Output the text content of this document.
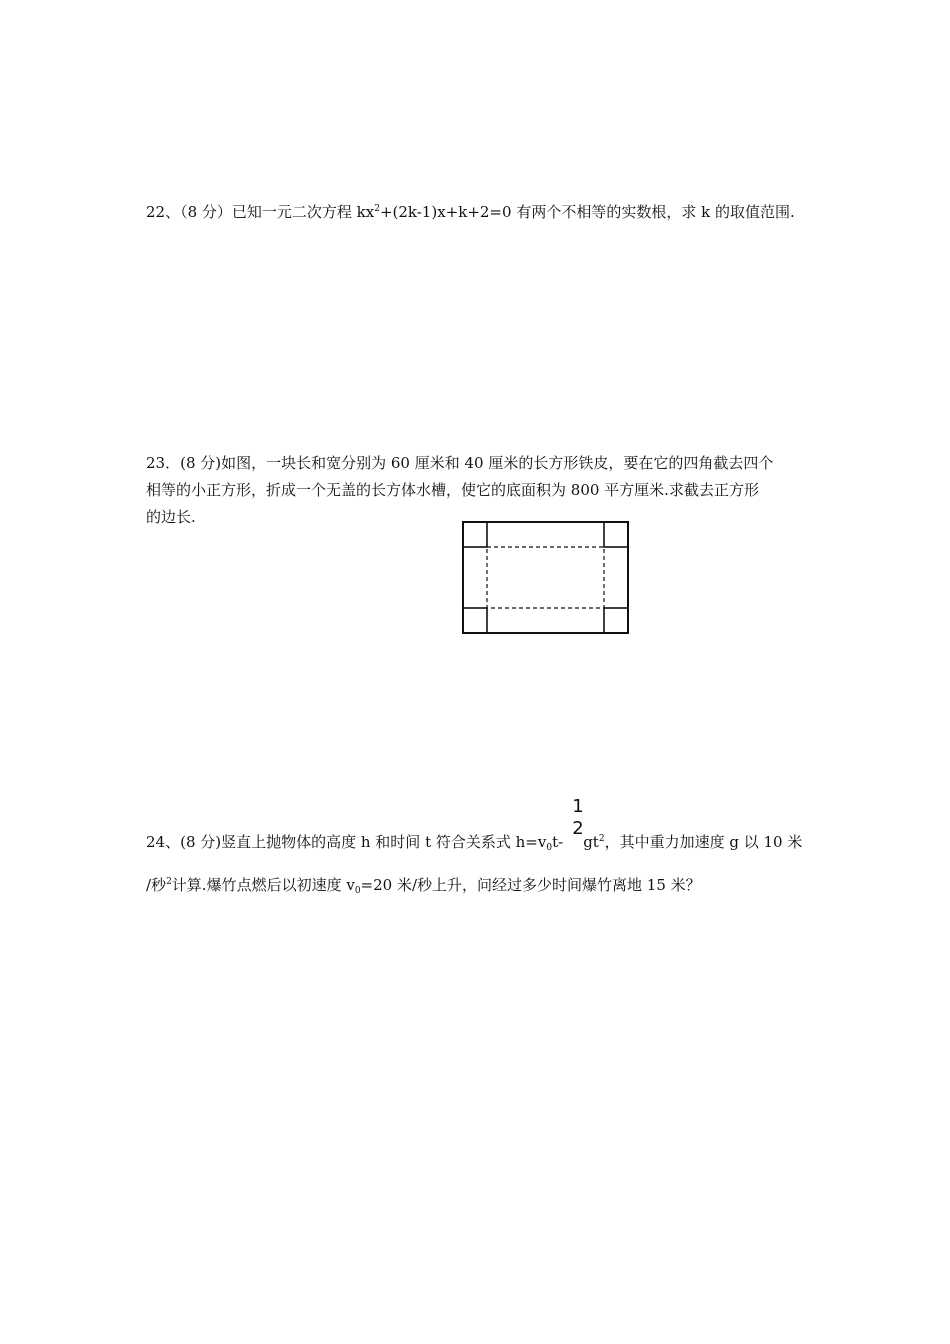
22、（8 分）已知一元二次方程 $kx^2+(2k-1)x+k+2=0$ 有两个不相等的实数根，求 k 的取值范围.
23．(8 分)如图，一块长和宽分别为 60 厘米和 40 厘米的长方形铁皮，要在它的四角截去四个
相等的小正方形，折成一个无盖的长方体水槽，使它的底面积为 800 平方厘米.求截去正方形
的边长.
1
2
24、(8 分)竖直上抛物体的高度 h 和时间 t 符合关系式 $h=v_0t-$ $gt^2$，其中重力加速度 g 以 10 米
/秒$^2$计算.爆竹点燃后以初速度 $v_0=20$ 米/秒上升，问经过多少时间爆竹离地 15 米？
